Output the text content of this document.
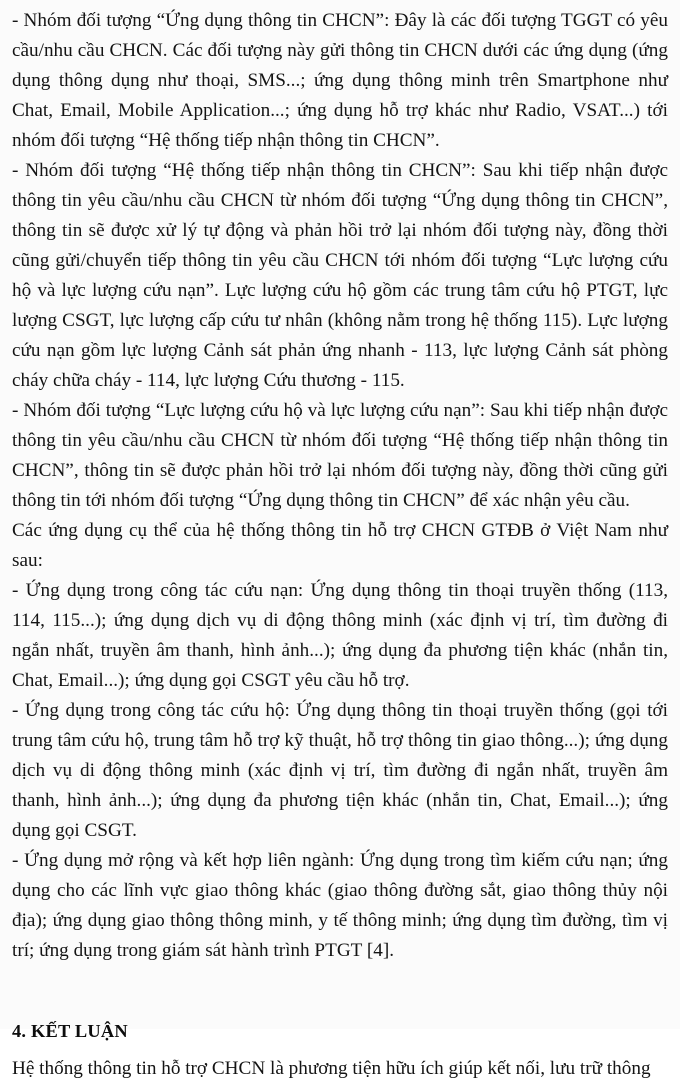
- Nhóm đối tượng “Ứng dụng thông tin CHCN”: Đây là các đối tượng TGGT có yêu cầu/nhu cầu CHCN. Các đối tượng này gửi thông tin CHCN dưới các ứng dụng (ứng dụng thông dụng như thoại, SMS...; ứng dụng thông minh trên Smartphone như Chat, Email, Mobile Application...; ứng dụng hỗ trợ khác như Radio, VSAT...) tới nhóm đối tượng “Hệ thống tiếp nhận thông tin CHCN”.

- Nhóm đối tượng “Hệ thống tiếp nhận thông tin CHCN”: Sau khi tiếp nhận được thông tin yêu cầu/nhu cầu CHCN từ nhóm đối tượng “Ứng dụng thông tin CHCN”, thông tin sẽ được xử lý tự động và phản hồi trở lại nhóm đối tượng này, đồng thời cũng gửi/chuyển tiếp thông tin yêu cầu CHCN tới nhóm đối tượng “Lực lượng cứu hộ và lực lượng cứu nạn”. Lực lượng cứu hộ gồm các trung tâm cứu hộ PTGT, lực lượng CSGT, lực lượng cấp cứu tư nhân (không nằm trong hệ thống 115). Lực lượng cứu nạn gồm lực lượng Cảnh sát phản ứng nhanh - 113, lực lượng Cảnh sát phòng cháy chữa cháy - 114, lực lượng Cứu thương - 115.

- Nhóm đối tượng “Lực lượng cứu hộ và lực lượng cứu nạn”: Sau khi tiếp nhận được thông tin yêu cầu/nhu cầu CHCN từ nhóm đối tượng “Hệ thống tiếp nhận thông tin CHCN”, thông tin sẽ được phản hồi trở lại nhóm đối tượng này, đồng thời cũng gửi thông tin tới nhóm đối tượng “Ứng dụng thông tin CHCN” để xác nhận yêu cầu.

Các ứng dụng cụ thể của hệ thống thông tin hỗ trợ CHCN GTĐB ở Việt Nam như sau:

- Ứng dụng trong công tác cứu nạn: Ứng dụng thông tin thoại truyền thống (113, 114, 115...); ứng dụng dịch vụ di động thông minh (xác định vị trí, tìm đường đi ngắn nhất, truyền âm thanh, hình ảnh...); ứng dụng đa phương tiện khác (nhắn tin, Chat, Email...); ứng dụng gọi CSGT yêu cầu hỗ trợ.

- Ứng dụng trong công tác cứu hộ: Ứng dụng thông tin thoại truyền thống (gọi tới trung tâm cứu hộ, trung tâm hỗ trợ kỹ thuật, hỗ trợ thông tin giao thông...); ứng dụng dịch vụ di động thông minh (xác định vị trí, tìm đường đi ngắn nhất, truyền âm thanh, hình ảnh...); ứng dụng đa phương tiện khác (nhắn tin, Chat, Email...); ứng dụng gọi CSGT.

- Ứng dụng mở rộng và kết hợp liên ngành: Ứng dụng trong tìm kiếm cứu nạn; ứng dụng cho các lĩnh vực giao thông khác (giao thông đường sắt, giao thông thủy nội địa); ứng dụng giao thông thông minh, y tế thông minh; ứng dụng tìm đường, tìm vị trí; ứng dụng trong giám sát hành trình PTGT [4].

4. KẾT LUẬN

Hệ thống thông tin hỗ trợ CHCN là phương tiện hữu ích giúp kết nối, lưu trữ thông
